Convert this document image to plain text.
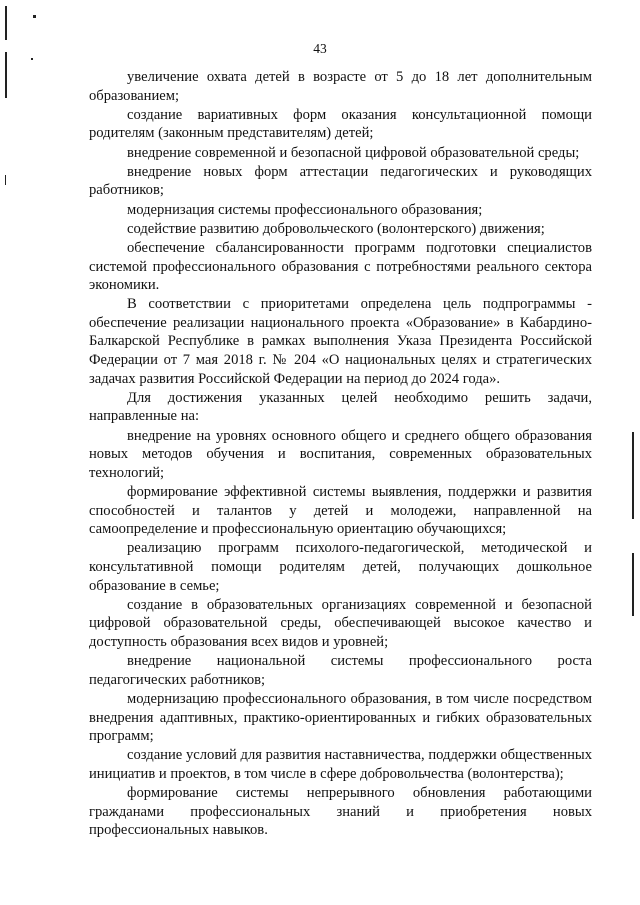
43

увеличение охвата детей в возрасте от 5 до 18 лет дополнительным образованием;

создание вариативных форм оказания консультационной помощи родителям (законным представителям) детей;

внедрение современной и безопасной цифровой образовательной среды;

внедрение новых форм аттестации педагогических и руководящих работников;

модернизация системы профессионального образования;

содействие развитию добровольческого (волонтерского) движения;

обеспечение сбалансированности программ подготовки специалистов системой профессионального образования с потребностями реального сектора экономики.

В соответствии с приоритетами определена цель подпрограммы - обеспечение реализации национального проекта «Образование» в Кабардино-Балкарской Республике в рамках выполнения Указа Президента Российской Федерации от 7 мая 2018 г. № 204 «О национальных целях и стратегических задачах развития Российской Федерации на период до 2024 года».

Для достижения указанных целей необходимо решить задачи, направленные на:

внедрение на уровнях основного общего и среднего общего образования новых методов обучения и воспитания, современных образовательных технологий;

формирование эффективной системы выявления, поддержки и развития способностей и талантов у детей и молодежи, направленной на самоопределение и профессиональную ориентацию обучающихся;

реализацию программ психолого-педагогической, методической и консультативной помощи родителям детей, получающих дошкольное образование в семье;

создание в образовательных организациях современной и безопасной цифровой образовательной среды, обеспечивающей высокое качество и доступность образования всех видов и уровней;

внедрение национальной системы профессионального роста педагогических работников;

модернизацию профессионального образования, в том числе посредством внедрения адаптивных, практико-ориентированных и гибких образовательных программ;

создание условий для развития наставничества, поддержки общественных инициатив и проектов, в том числе в сфере добровольчества (волонтерства);

формирование системы непрерывного обновления работающими гражданами профессиональных знаний и приобретения новых профессиональных навыков.
